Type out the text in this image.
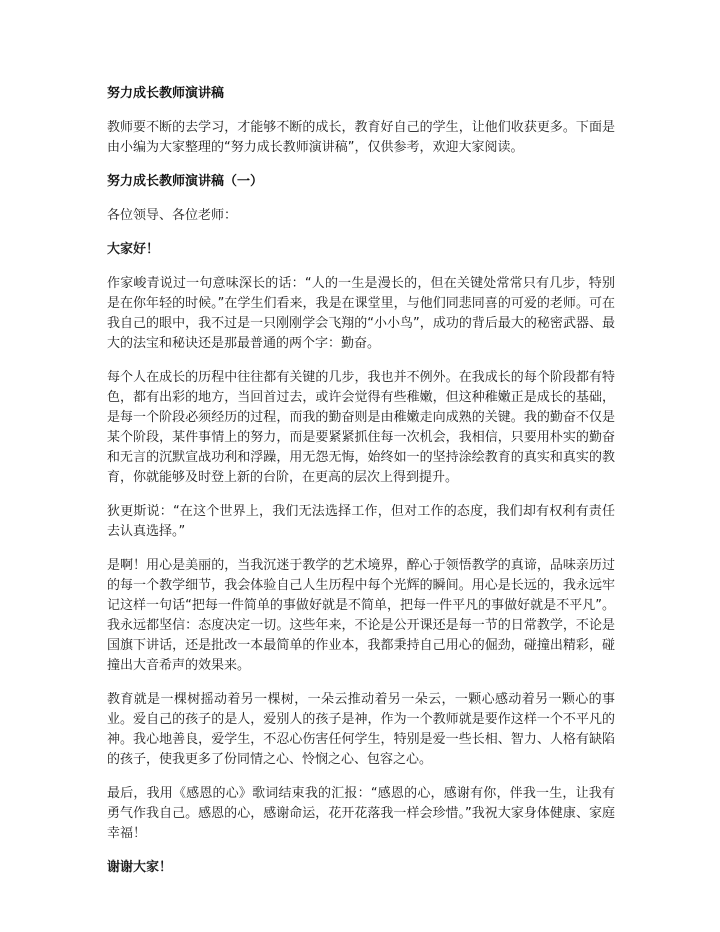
努力成长教师演讲稿

教师要不断的去学习，才能够不断的成长，教育好自己的学生，让他们收获更多。下面是由小编为大家整理的“努力成长教师演讲稿”，仅供参考，欢迎大家阅读。

努力成长教师演讲稿（一）

各位领导、各位老师：

大家好！

作家峻青说过一句意味深长的话：“人的一生是漫长的，但在关键处常常只有几步，特别是在你年轻的时候。”在学生们看来，我是在课堂里，与他们同悲同喜的可爱的老师。可在我自己的眼中，我不过是一只刚刚学会飞翔的“小小鸟”，成功的背后最大的秘密武器、最大的法宝和秘诀还是那最普通的两个字：勤奋。

每个人在成长的历程中往往都有关键的几步，我也并不例外。在我成长的每个阶段都有特色，都有出彩的地方，当回首过去，或许会觉得有些稚嫩，但这种稚嫩正是成长的基础，是每一个阶段必须经历的过程，而我的勤奋则是由稚嫩走向成熟的关键。我的勤奋不仅是某个阶段，某件事情上的努力，而是要紧紧抓住每一次机会，我相信，只要用朴实的勤奋和无言的沉默宣战功利和浮躁，用无怨无悔，始终如一的坚持涂绘教育的真实和真实的教育，你就能够及时登上新的台阶，在更高的层次上得到提升。

狄更斯说：“在这个世界上，我们无法选择工作，但对工作的态度，我们却有权利有责任去认真选择。”

是啊！用心是美丽的，当我沉迷于教学的艺术境界，醉心于领悟教学的真谛，品味亲历过的每一个教学细节，我会体验自己人生历程中每个光辉的瞬间。用心是长远的，我永远牢记这样一句话“把每一件简单的事做好就是不简单，把每一件平凡的事做好就是不平凡”。我永远都坚信：态度决定一切。这些年来，不论是公开课还是每一节的日常教学，不论是国旗下讲话，还是批改一本最简单的作业本，我都秉持自己用心的倔劲，碰撞出精彩，碰撞出大音希声的效果来。

教育就是一棵树摇动着另一棵树，一朵云推动着另一朵云，一颗心感动着另一颗心的事业。爱自己的孩子的是人，爱别人的孩子是神，作为一个教师就是要作这样一个不平凡的神。我心地善良，爱学生，不忍心伤害任何学生，特别是爱一些长相、智力、人格有缺陷的孩子，使我更多了份同情之心、怜悯之心、包容之心。

最后，我用《感恩的心》歌词结束我的汇报：“感恩的心，感谢有你，伴我一生，让我有勇气作我自己。感恩的心，感谢命运，花开花落我一样会珍惜。”我祝大家身体健康、家庭幸福！

谢谢大家！
